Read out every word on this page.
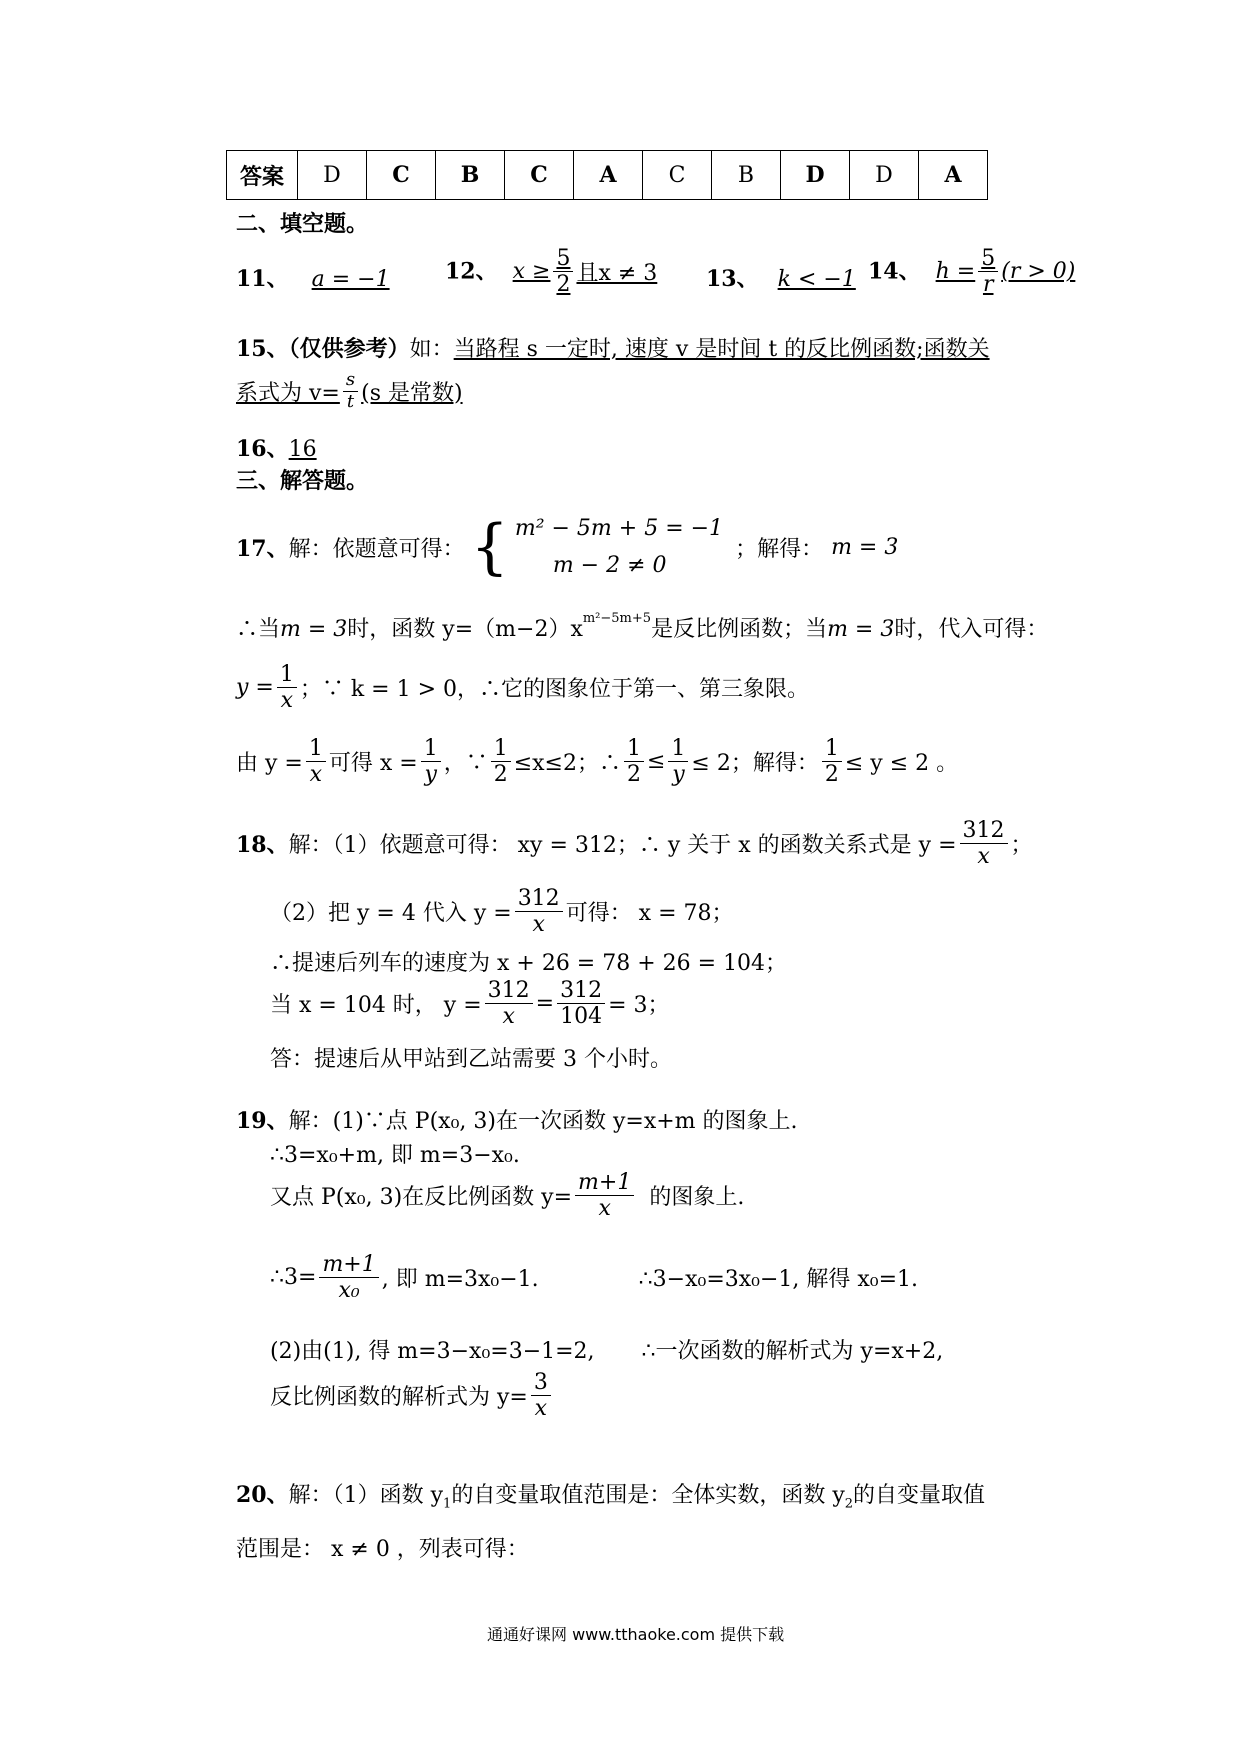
答案	D	C	B	C	A	C	B	D	D	A
二、填空题。
11、 a = −1	12、 $x \ge \frac{5}{2}$ 且x ≠ 3 13、 k < −1 14、 $h = \frac{5}{r} (r > 0)$
15、（仅供参考）如：当路程 s 一定时, 速度 v 是时间 t 的反比例函数;函数关
系式为 $v= \frac{s}{t} (s$ 是常数)
16、16
三、解答题。
17、 解：依题意可得： { m² − 5m + 5 = −1
m − 2 ≠ 0
；解得： m = 3
∴当m = 3时，函数 $y=(m-2)x^{m^2-5m+5}$是反比例函数；当m = 3时，代入可得：
$y = \frac{1}{x}$ ；∵ k = 1 > 0，∴它的图象位于第一、第三象限。
由 $y = \frac{1}{x}$ 可得 $x = \frac{1}{y}$ ，∵ $\frac{1}{2} \le x\le 2$；∴ $\frac{1}{2} \le \frac{1}{y} \le 2$；解得： $\frac{1}{2} \le y \le 2$ 。
18、 解：（1）依题意可得： xy = 312；∴ y 关于 x 的函数关系式是 $y = \frac{312}{x}$ ；
（2）把 y = 4 代入 $y = \frac{312}{x}$ 可得： x = 78；
∴提速后列车的速度为 x + 26 = 78 + 26 = 104；
当 x = 104 时， $y = \frac{312}{x} = \frac{312}{104} = 3$；
答：提速后从甲站到乙站需要 3 个小时。
19、解：(1)∵点 P(x₀, 3)在一次函数 y=x+m 的图象上.
∴3=x₀+m, 即 m=3−x₀.
又点 P(x₀, 3)在反比例函数 $y= \frac{m+1}{x}$ 的图象上.
∴3= $\frac{m+1}{\text{x₀}}$ , 即 m=3x₀−1.	∴3−x₀=3x₀−1, 解得 x₀=1.
(2)由(1), 得 m=3−x₀=3−1=2, ∴一次函数的解析式为 y=x+2,
反比例函数的解析式为 $y= \frac{3}{x}$
20、解：（1）函数 $y_1$的自变量取值范围是：全体实数，函数 $y_2$的自变量取值
范围是： x ≠ 0 ，列表可得：
通通好课网 www.tthaoke.com 提供下载
